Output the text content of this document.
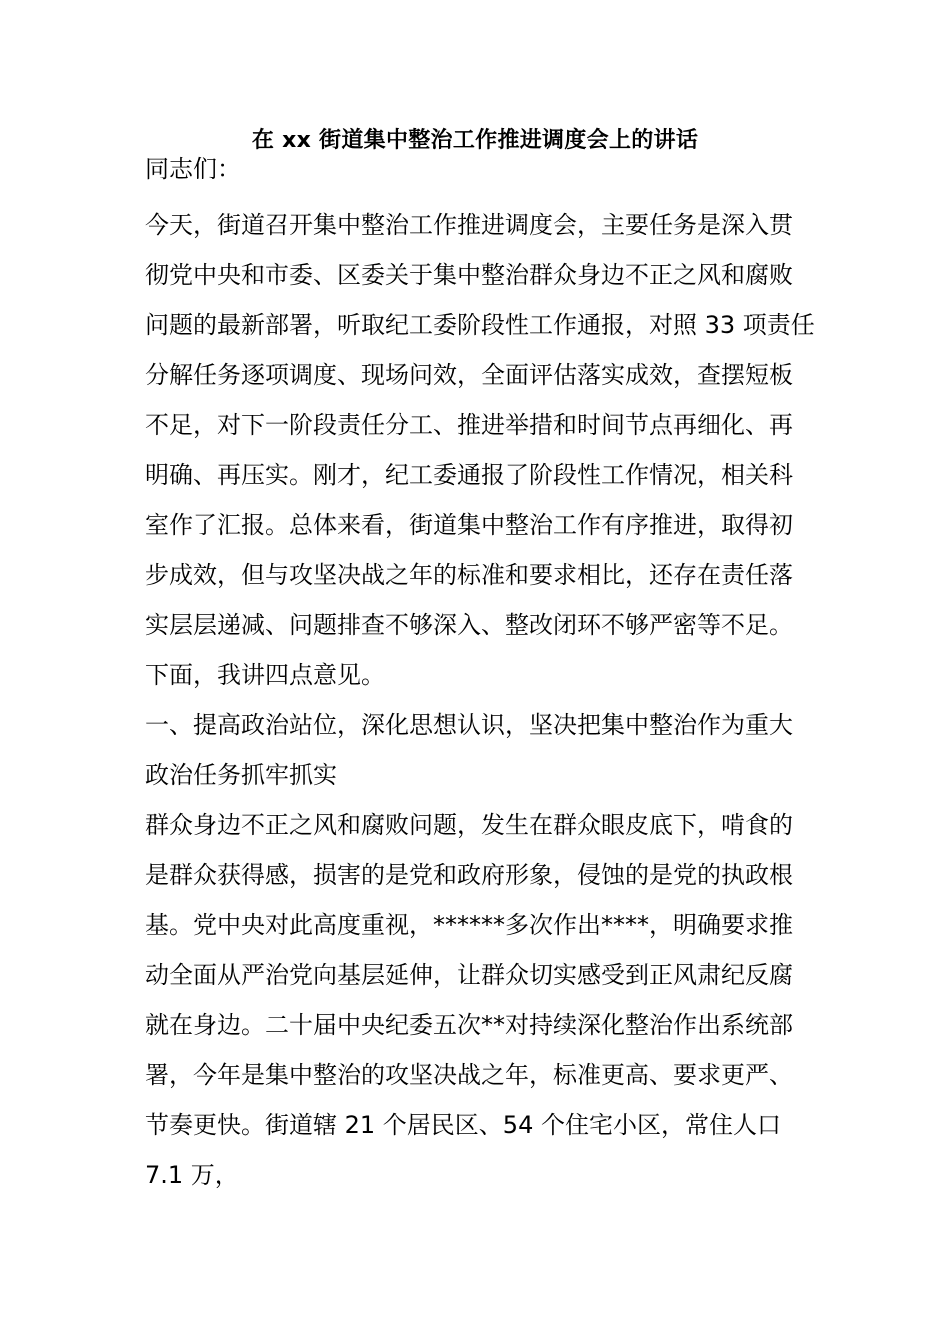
在 xx 街道集中整治工作推进调度会上的讲话

同志们：

今天，街道召开集中整治工作推进调度会，主要任务是深入贯彻党中央和市委、区委关于集中整治群众身边不正之风和腐败问题的最新部署，听取纪工委阶段性工作通报，对照 33 项责任分解任务逐项调度、现场问效，全面评估落实成效，查摆短板不足，对下一阶段责任分工、推进举措和时间节点再细化、再明确、再压实。刚才，纪工委通报了阶段性工作情况，相关科室作了汇报。总体来看，街道集中整治工作有序推进，取得初步成效，但与攻坚决战之年的标准和要求相比，还存在责任落实层层递减、问题排查不够深入、整改闭环不够严密等不足。下面，我讲四点意见。

一、提高政治站位，深化思想认识，坚决把集中整治作为重大政治任务抓牢抓实

群众身边不正之风和腐败问题，发生在群众眼皮底下，啃食的是群众获得感，损害的是党和政府形象，侵蚀的是党的执政根基。党中央对此高度重视，******多次作出****，明确要求推动全面从严治党向基层延伸，让群众切实感受到正风肃纪反腐就在身边。二十届中央纪委五次**对持续深化整治作出系统部署，今年是集中整治的攻坚决战之年，标准更高、要求更严、节奏更快。街道辖 21 个居民区、54 个住宅小区，常住人口 7.1 万，
